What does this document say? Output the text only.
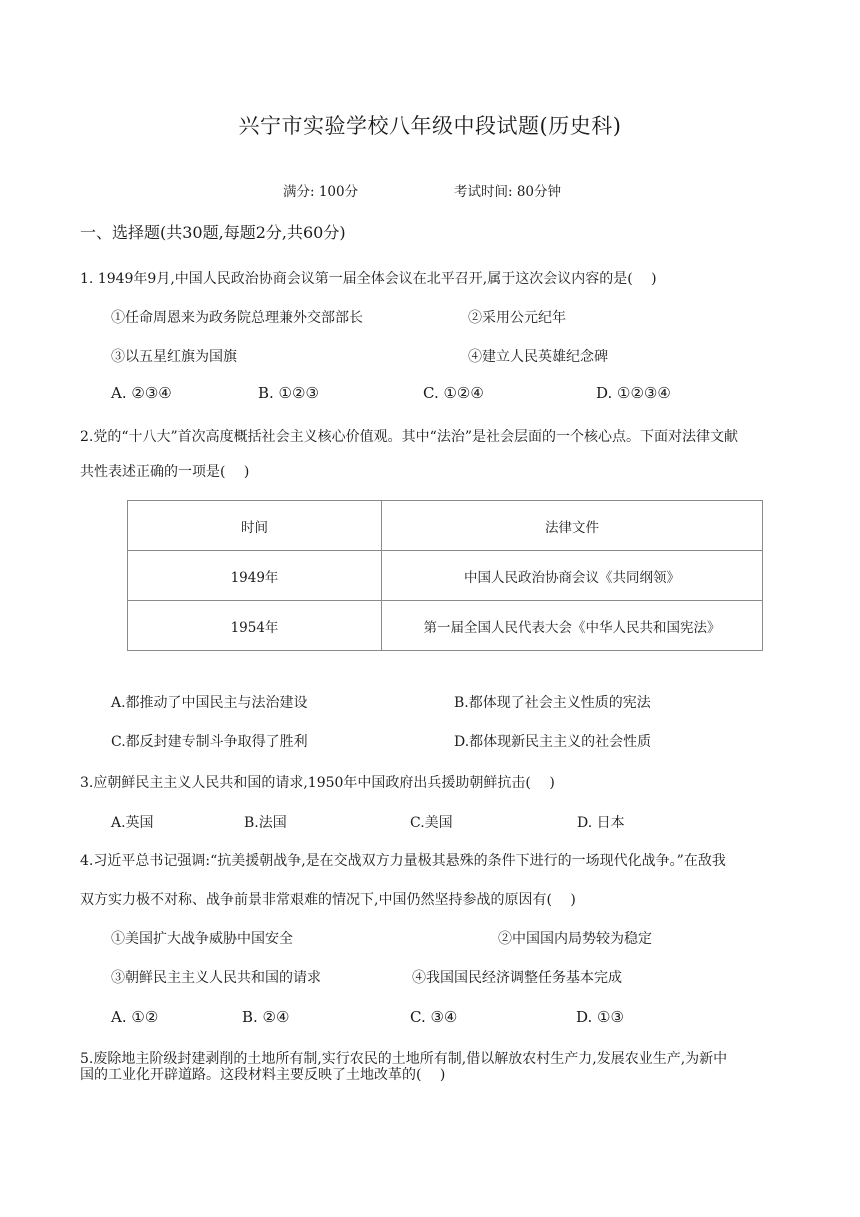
兴宁市实验学校八年级中段试题(历史科)
满分: 100分	考试时间: 80分钟
一、选择题(共30题,每题2分,共60分)
1. 1949年9月,中国人民政治协商会议第一届全体会议在北平召开,属于这次会议内容的是(　 )
①任命周恩来为政务院总理兼外交部部长	②采用公元纪年
③以五星红旗为国旗	④建立人民英雄纪念碑
A. ②③④	B. ①②③	C. ①②④	D. ①②③④
2.党的“十八大”首次高度概括社会主义核心价值观。其中“法治”是社会层面的一个核心点。下面对法律文献
共性表述正确的一项是(　 )
时间	法律文件
1949年	中国人民政治协商会议《共同纲领》
1954年	第一届全国人民代表大会《中华人民共和国宪法》
A.都推动了中国民主与法治建设	B.都体现了社会主义性质的宪法
C.都反封建专制斗争取得了胜利	D.都体现新民主主义的社会性质
3.应朝鲜民主主义人民共和国的请求,1950年中国政府出兵援助朝鲜抗击(　 )
A.英国	B.法国	C.美国	D. 日本
4.习近平总书记强调:“抗美援朝战争,是在交战双方力量极其悬殊的条件下进行的一场现代化战争。”在敌我
双方实力极不对称、战争前景非常艰难的情况下,中国仍然坚持参战的原因有(　 )
①美国扩大战争威胁中国安全	②中国国内局势较为稳定
③朝鲜民主主义人民共和国的请求	④我国国民经济调整任务基本完成
A. ①②	B. ②④	C. ③④	D. ①③
5.废除地主阶级封建剥削的土地所有制,实行农民的土地所有制,借以解放农村生产力,发展农业生产,为新中
国的工业化开辟道路。这段材料主要反映了土地改革的(　 )
